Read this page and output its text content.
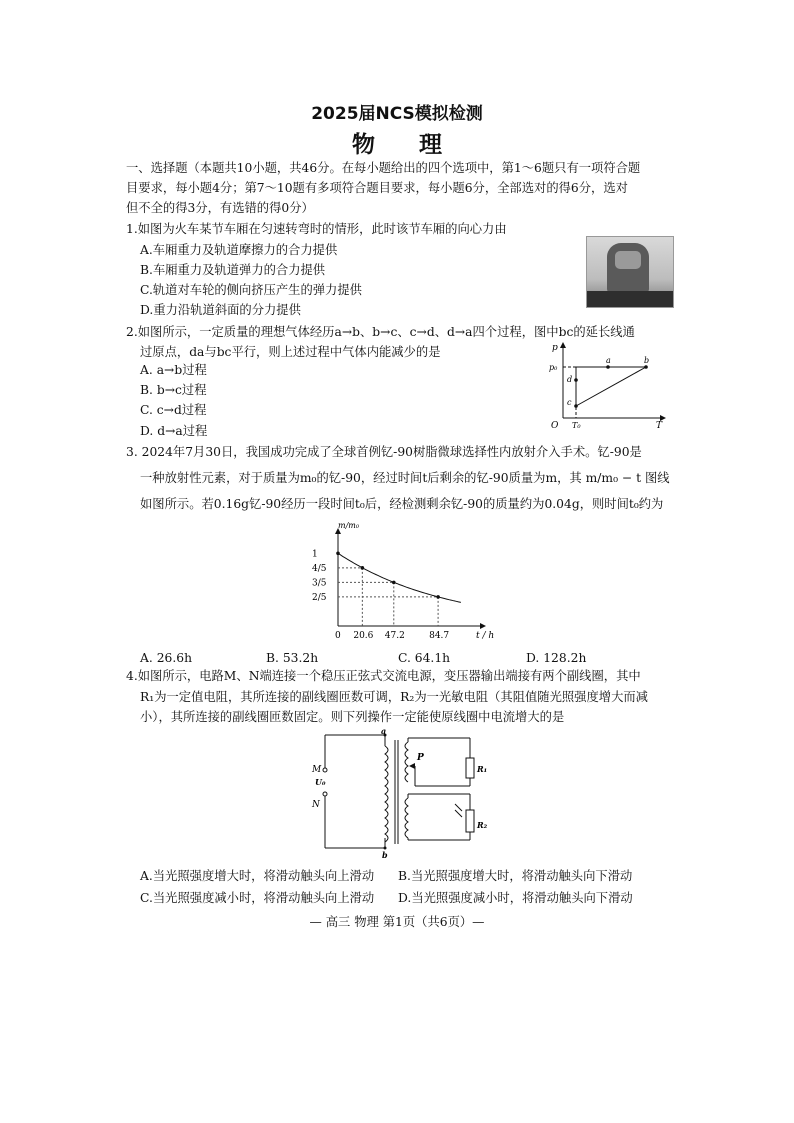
2025届NCS模拟检测
物 理
一、选择题（本题共10小题，共46分。在每小题给出的四个选项中，第1～6题只有一项符合题
目要求，每小题4分；第7～10题有多项符合题目要求，每小题6分，全部选对的得6分，选对
但不全的得3分，有选错的得0分）
1.如图为火车某节车厢在匀速转弯时的情形，此时该节车厢的向心力由
A.车厢重力及轨道摩擦力的合力提供
B.车厢重力及轨道弹力的合力提供
C.轨道对车轮的侧向挤压产生的弹力提供
D.重力沿轨道斜面的分力提供
2.如图所示，一定质量的理想气体经历a→b、b→c、c→d、d→a四个过程，图中bc的延长线通
过原点，da与bc平行，则上述过程中气体内能减少的是
A. a→b过程
B. b→c过程
C. c→d过程
D. d→a过程
p
T
O
p₀
T₀
a	b
c
d
3. 2024年7月30日，我国成功完成了全球首例钇-90树脂微球选择性内放射介入手术。钇-90是
一种放射性元素，对于质量为m₀的钇-90，经过时间t后剩余的钇-90质量为m，其 m/m₀ − t 图线
如图所示。若0.16g钇-90经历一段时间t₀后，经检测剩余钇-90的质量约为0.04g，则时间t₀约为
0 20.6 47.2	84.7
1
4/5
3/5
2/5
t / h
m/m₀
A. 26.6h	B. 53.2h	C. 64.1h	D. 128.2h
4.如图所示，电路M、N端连接一个稳压正弦式交流电源，变压器输出端接有两个副线圈，其中
R₁为一定值电阻，其所连接的副线圈匝数可调，R₂为一光敏电阻（其阻值随光照强度增大而减
小），其所连接的副线圈匝数固定。则下列操作一定能使原线圈中电流增大的是
M
U₀
N
a
b
P
R₁
R₂
A.当光照强度增大时，将滑动触头向上滑动 B.当光照强度增大时，将滑动触头向下滑动
C.当光照强度减小时，将滑动触头向上滑动 D.当光照强度减小时，将滑动触头向下滑动
— 高三 物理 第1页（共6页）—
